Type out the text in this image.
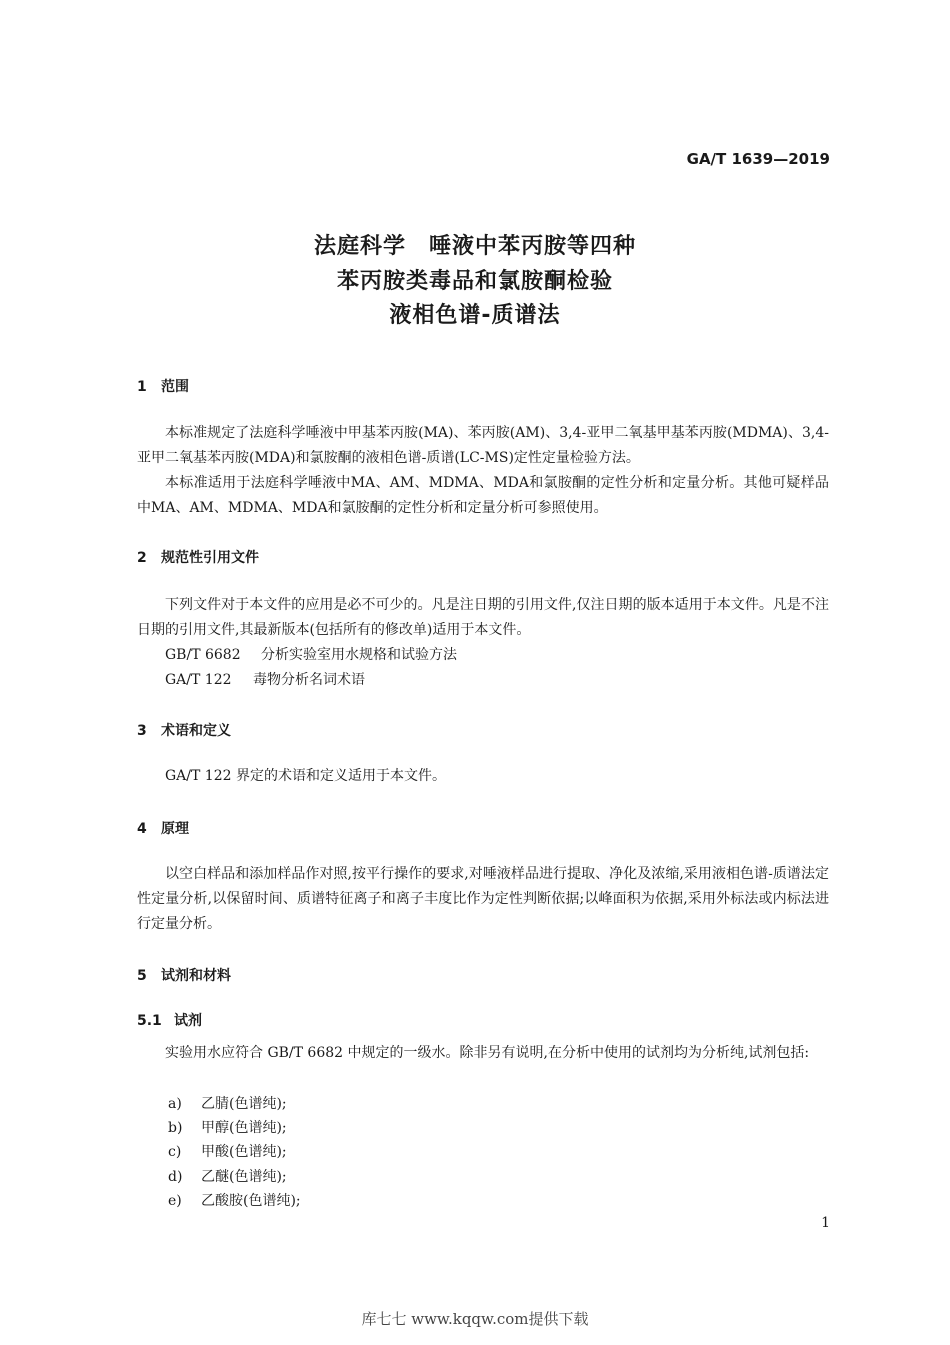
GA/T 1639—2019
法庭科学　唾液中苯丙胺等四种
苯丙胺类毒品和氯胺酮检验
液相色谱-质谱法
1 范围

本标准规定了法庭科学唾液中甲基苯丙胺(MA)、苯丙胺(AM)、3,4-亚甲二氧基甲基苯丙胺(MDMA)、3,4-亚甲二氧基苯丙胺(MDA)和氯胺酮的液相色谱-质谱(LC-MS)定性定量检验方法。

本标准适用于法庭科学唾液中MA、AM、MDMA、MDA和氯胺酮的定性分析和定量分析。其他可疑样品中MA、AM、MDMA、MDA和氯胺酮的定性分析和定量分析可参照使用。

2 规范性引用文件

下列文件对于本文件的应用是必不可少的。凡是注日期的引用文件,仅注日期的版本适用于本文件。凡是不注日期的引用文件,其最新版本(包括所有的修改单)适用于本文件。

GB/T 6682 分析实验室用水规格和试验方法
GA/T 122 毒物分析名词术语
3 术语和定义
GA/T 122 界定的术语和定义适用于本文件。
4 原理

以空白样品和添加样品作对照,按平行操作的要求,对唾液样品进行提取、净化及浓缩,采用液相色谱-质谱法定性定量分析,以保留时间、质谱特征离子和离子丰度比作为定性判断依据;以峰面积为依据,采用外标法或内标法进行定量分析。

5 试剂和材料
5.1 试剂

实验用水应符合 GB/T 6682 中规定的一级水。除非另有说明,在分析中使用的试剂均为分析纯,试剂包括:

a) 乙腈(色谱纯);
b) 甲醇(色谱纯);
c) 甲酸(色谱纯);
d) 乙醚(色谱纯);
e) 乙酸胺(色谱纯);
1
库七七 www.kqqw.com提供下载
